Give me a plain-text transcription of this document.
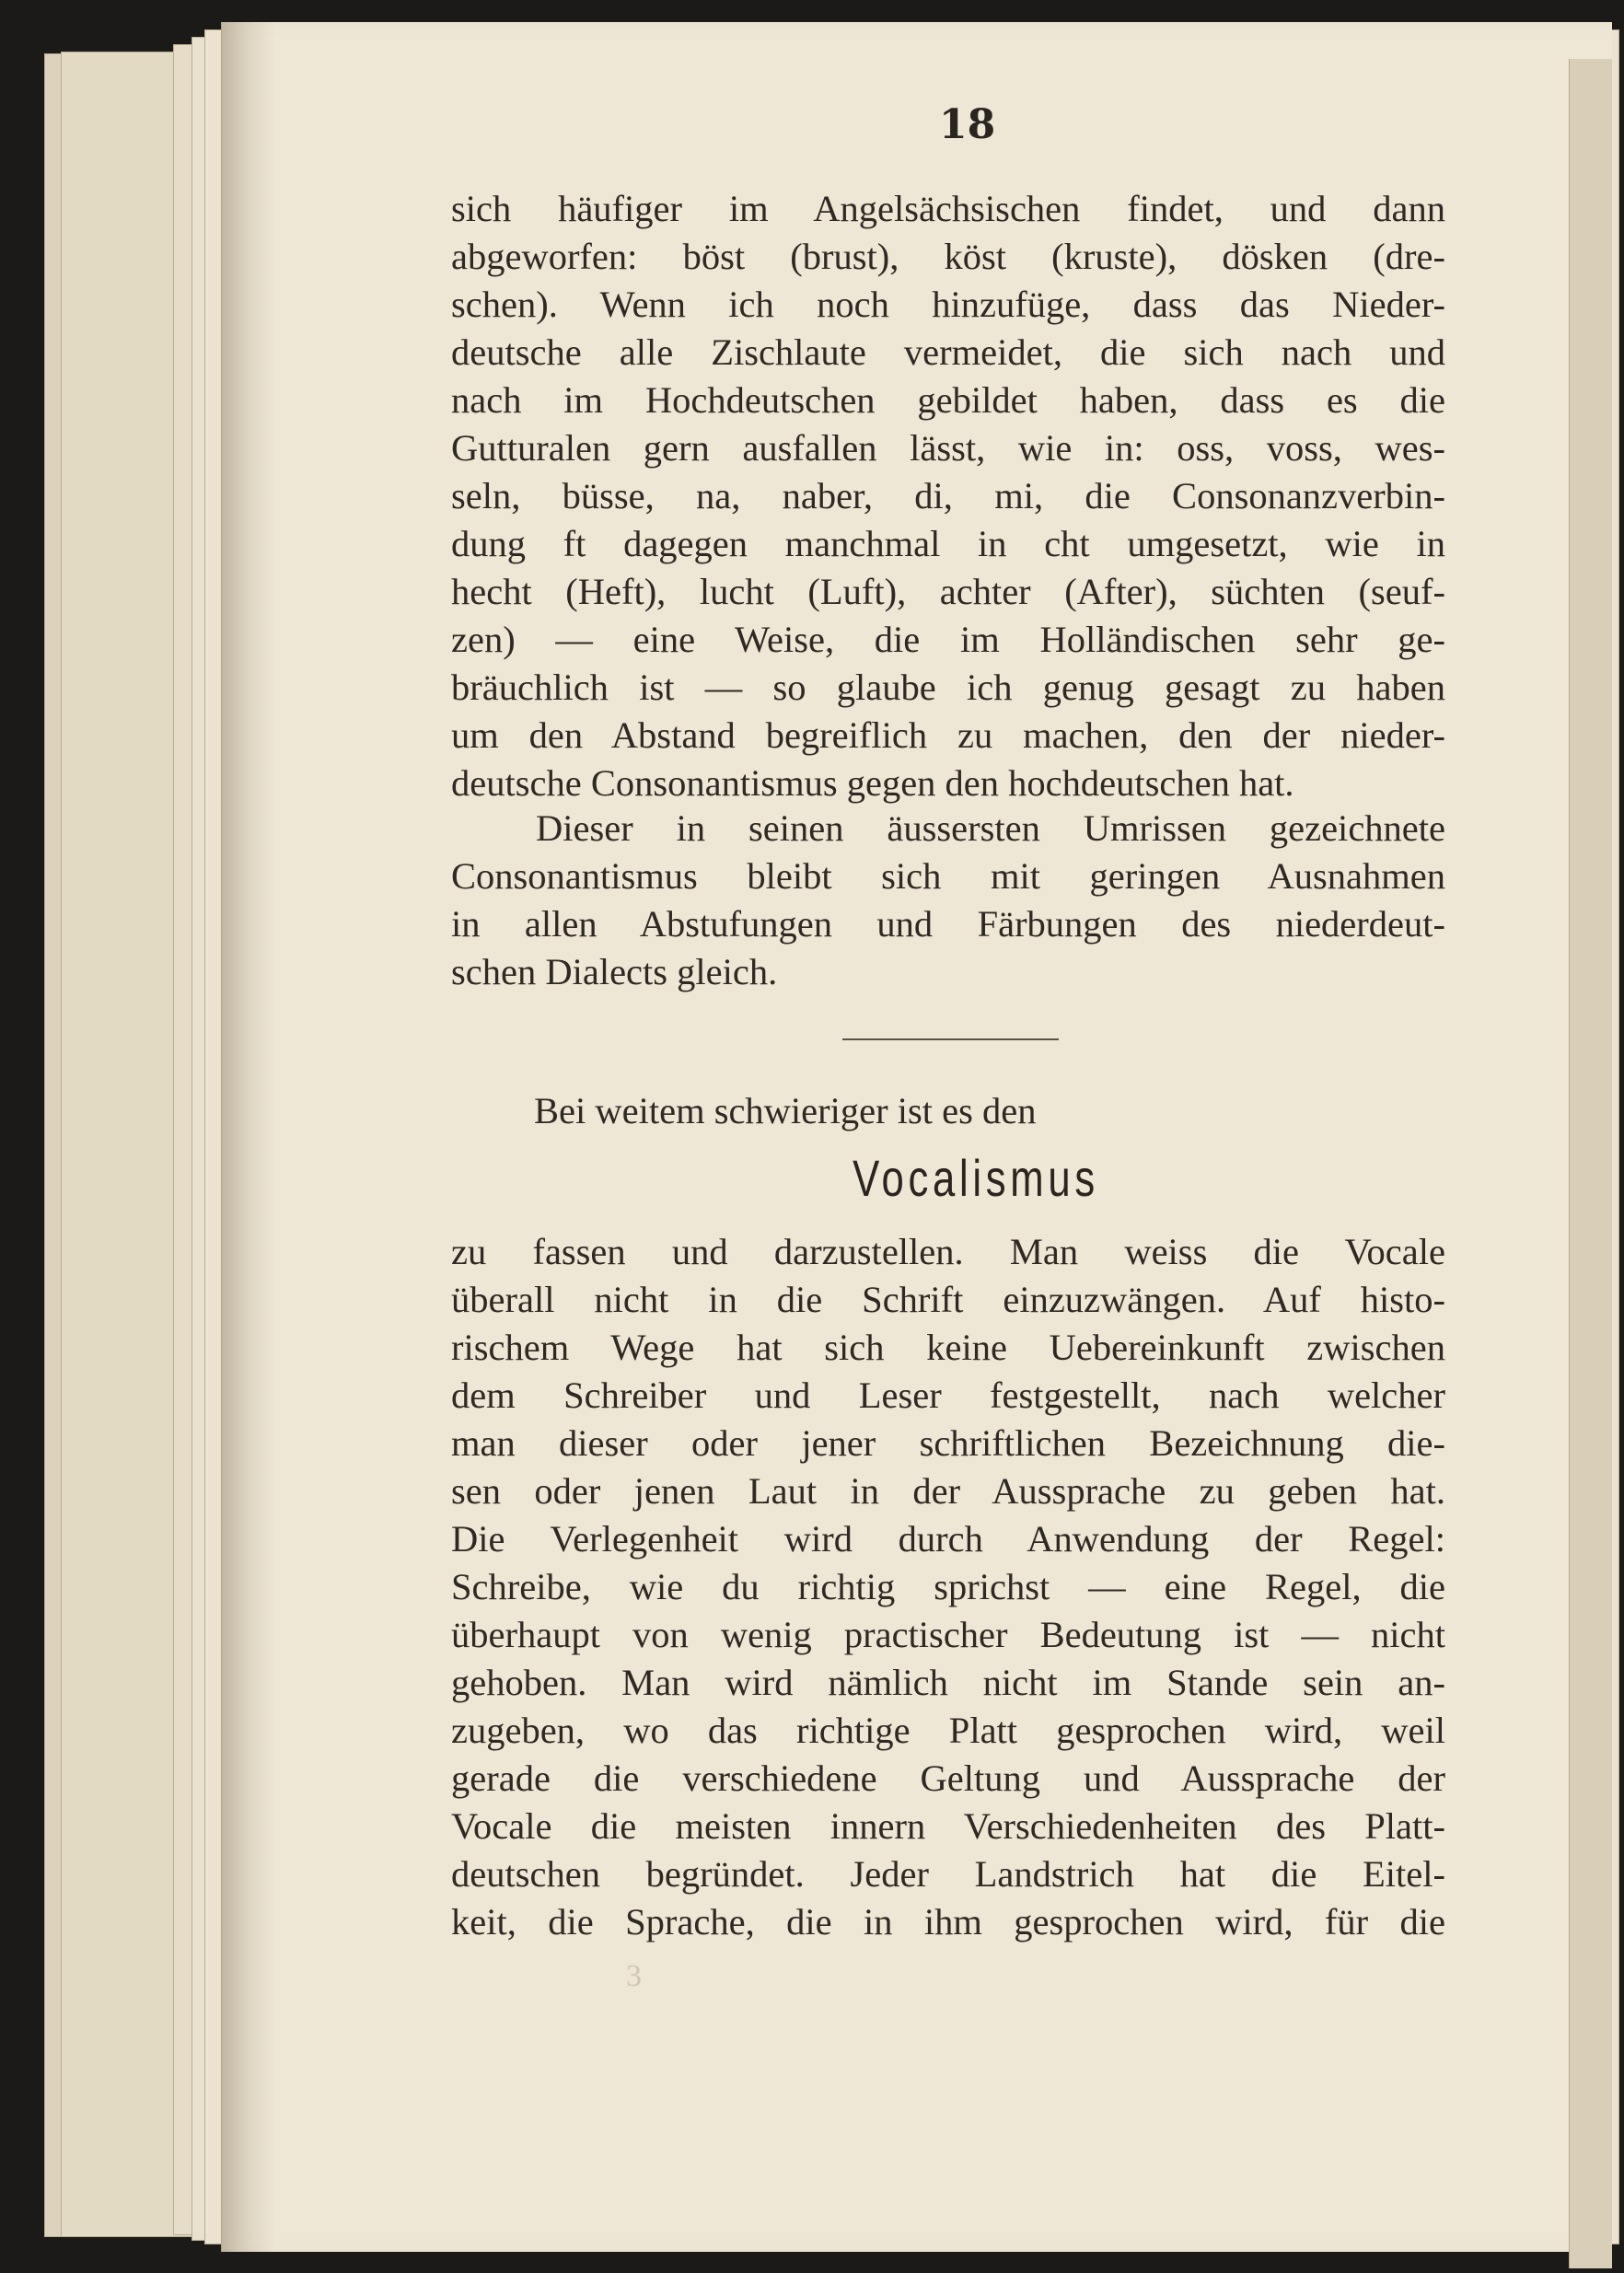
18
sich häufiger im Angelsächsischen findet, und dann
abgeworfen: böst (brust), köst (kruste), dösken (dre-
schen). Wenn ich noch hinzufüge, dass das Nieder-
deutsche alle Zischlaute vermeidet, die sich nach und
nach im Hochdeutschen gebildet haben, dass es die
Gutturalen gern ausfallen lässt, wie in: oss, voss, wes-
seln, büsse, na, naber, di, mi, die Consonanzverbin-
dung ft dagegen manchmal in cht umgesetzt, wie in
hecht (Heft), lucht (Luft), achter (After), süchten (seuf-
zen) — eine Weise, die im Holländischen sehr ge-
bräuchlich ist — so glaube ich genug gesagt zu haben
um den Abstand begreiflich zu machen, den der nieder-
deutsche Consonantismus gegen den hochdeutschen hat.
Dieser in seinen äussersten Umrissen gezeichnete
Consonantismus bleibt sich mit geringen Ausnahmen
in allen Abstufungen und Färbungen des niederdeut-
schen Dialects gleich.
Bei weitem schwieriger ist es den
Vocalismus
zu fassen und darzustellen. Man weiss die Vocale
überall nicht in die Schrift einzuzwängen. Auf histo-
rischem Wege hat sich keine Uebereinkunft zwischen
dem Schreiber und Leser festgestellt, nach welcher
man dieser oder jener schriftlichen Bezeichnung die-
sen oder jenen Laut in der Aussprache zu geben hat.
Die Verlegenheit wird durch Anwendung der Regel:
Schreibe, wie du richtig sprichst — eine Regel, die
überhaupt von wenig practischer Bedeutung ist — nicht
gehoben. Man wird nämlich nicht im Stande sein an-
zugeben, wo das richtige Platt gesprochen wird, weil
gerade die verschiedene Geltung und Aussprache der
Vocale die meisten innern Verschiedenheiten des Platt-
deutschen begründet. Jeder Landstrich hat die Eitel-
keit, die Sprache, die in ihm gesprochen wird, für die
3
